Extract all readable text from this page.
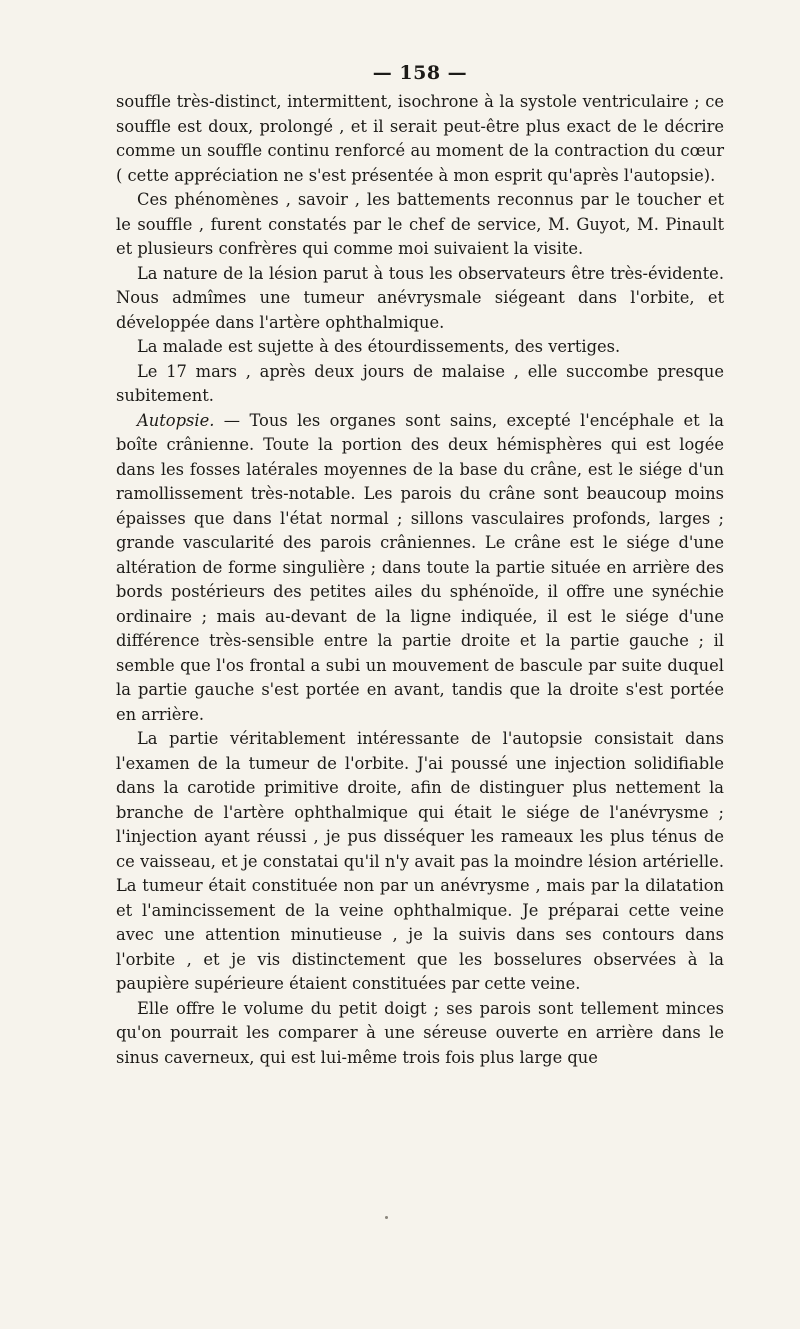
— 158 —

souffle très-distinct, intermittent, isochrone à la systole ventriculaire ; ce souffle est doux, prolongé , et il serait peut-être plus exact de le décrire comme un souffle continu renforcé au moment de la contraction du cœur ( cette appréciation ne s'est présentée à mon esprit qu'après l'autopsie).

Ces phénomènes , savoir , les battements reconnus par le toucher et le souffle , furent constatés par le chef de service, M. Guyot, M. Pinault et plusieurs confrères qui comme moi suivaient la visite.

La nature de la lésion parut à tous les observateurs être très-évidente. Nous admîmes une tumeur anévrysmale siégeant dans l'orbite, et développée dans l'artère ophthalmique.

La malade est sujette à des étourdissements, des vertiges.

Le 17 mars , après deux jours de malaise , elle succombe presque subitement.

Autopsie. — Tous les organes sont sains, excepté l'encéphale et la boîte crânienne. Toute la portion des deux hémisphères qui est logée dans les fosses latérales moyennes de la base du crâne, est le siége d'un ramollissement très-notable. Les parois du crâne sont beaucoup moins épaisses que dans l'état normal ; sillons vasculaires profonds, larges ; grande vascularité des parois crâniennes. Le crâne est le siége d'une altération de forme singulière ; dans toute la partie située en arrière des bords postérieurs des petites ailes du sphénoïde, il offre une synéchie ordinaire ; mais au-devant de la ligne indiquée, il est le siége d'une différence très-sensible entre la partie droite et la partie gauche ; il semble que l'os frontal a subi un mouvement de bascule par suite duquel la partie gauche s'est portée en avant, tandis que la droite s'est portée en arrière.

La partie véritablement intéressante de l'autopsie consistait dans l'examen de la tumeur de l'orbite. J'ai poussé une injection solidifiable dans la carotide primitive droite, afin de distinguer plus nettement la branche de l'artère ophthalmique qui était le siége de l'anévrysme ; l'injection ayant réussi , je pus disséquer les rameaux les plus ténus de ce vaisseau, et je constatai qu'il n'y avait pas la moindre lésion artérielle. La tumeur était constituée non par un anévrysme , mais par la dilatation et l'amincissement de la veine ophthalmique. Je préparai cette veine avec une attention minutieuse , je la suivis dans ses contours dans l'orbite , et je vis distinctement que les bosselures observées à la paupière supérieure étaient constituées par cette veine.

Elle offre le volume du petit doigt ; ses parois sont tellement minces qu'on pourrait les comparer à une séreuse ouverte en arrière dans le sinus caverneux, qui est lui-même trois fois plus large que
